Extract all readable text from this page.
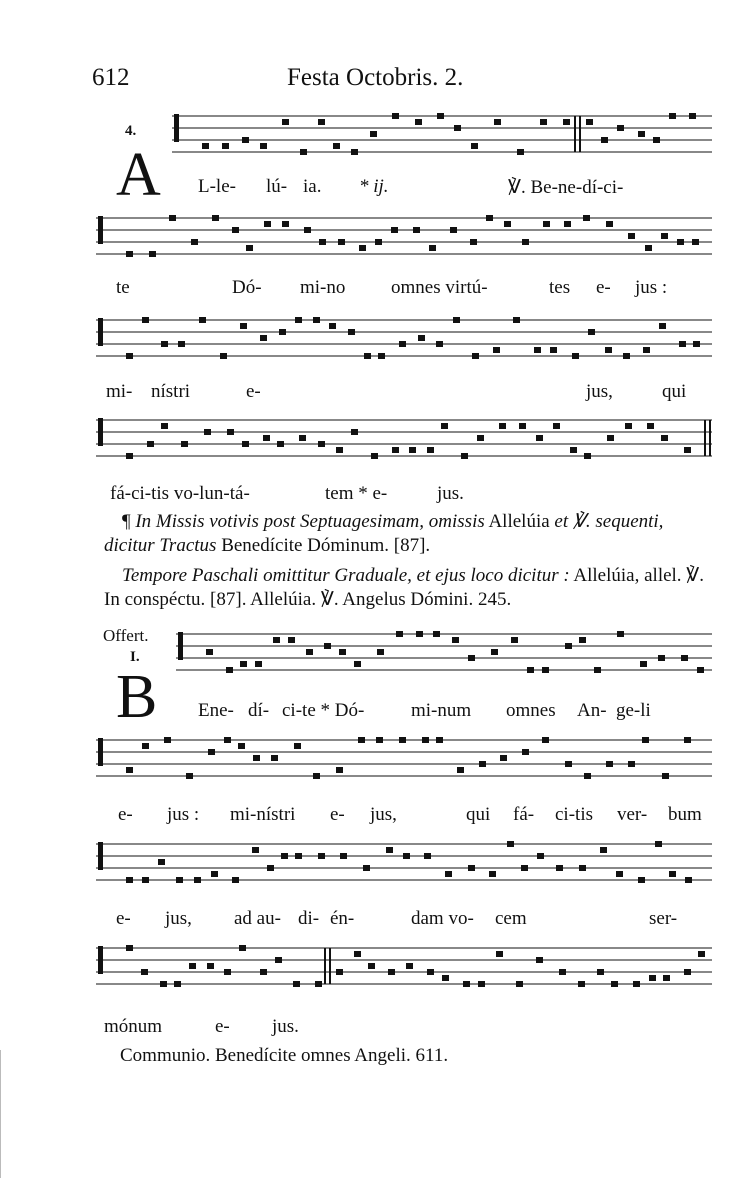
612	Festa Octobris. 2.
4.
A L-le- lú- ia. * ij.	℣. Be-ne-dí-ci-
te	Dó- mi-no omnes virtú-	tes e- jus :
mi- nístri	e-	jus,	qui
fá-ci-tis vo-lun-tá-	tem * e-	jus.

¶ In Missis votivis post Septuagesimam, omissis Allelúia et ℣. sequenti, dicitur Tractus Benedícite Dóminum. [87].

Tempore Paschali omittitur Graduale, et ejus loco dicitur : Allelúia, allel. ℣. In conspéctu. [87]. Allelúia. ℣. Angelus Dómini. 245.

Offert.
I.
B Ene- dí- ci-te * Dó- mi-num omnes An- ge-li
e- jus : mi-nístri e- jus,	qui fá- ci-tis ver- bum
e- jus, ad au- di- én-	dam vo- cem	ser-
mónum	e- jus.
Communio. Benedícite omnes Angeli. 611.
